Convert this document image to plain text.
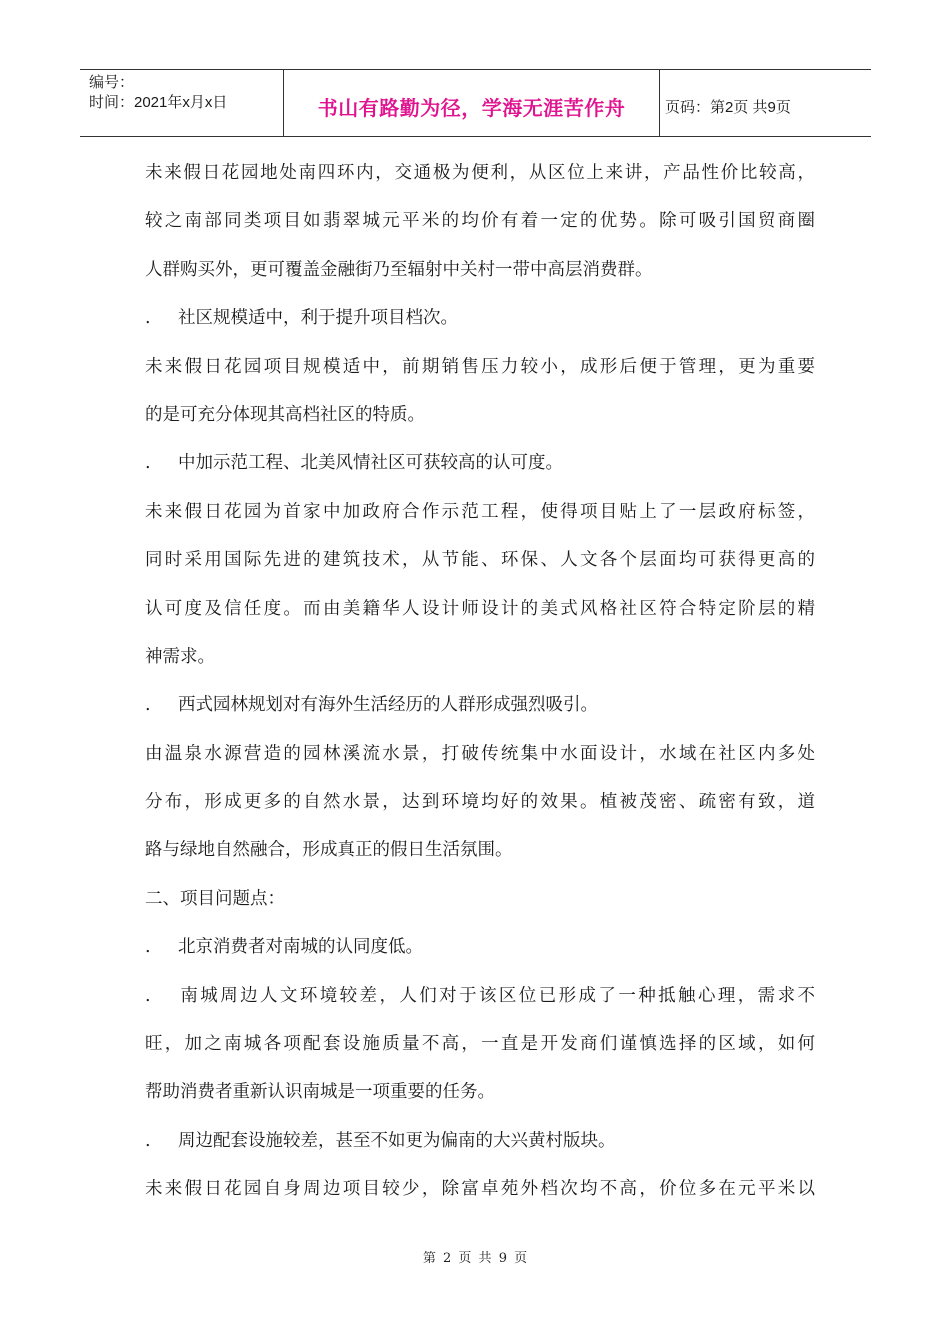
编号：
时间：2021年x月x日	书山有路勤为径，学海无涯苦作舟	页码：第2页 共9页
未来假日花园地处南四环内，交通极为便利，从区位上来讲，产品性价比较高，
较之南部同类项目如翡翠城元平米的均价有着一定的优势。除可吸引国贸商圈
人群购买外，更可覆盖金融街乃至辐射中关村一带中高层消费群。
. 社区规模适中，利于提升项目档次。
未来假日花园项目规模适中，前期销售压力较小，成形后便于管理，更为重要
的是可充分体现其高档社区的特质。
. 中加示范工程、北美风情社区可获较高的认可度。
未来假日花园为首家中加政府合作示范工程，使得项目贴上了一层政府标签，
同时采用国际先进的建筑技术，从节能、环保、人文各个层面均可获得更高的
认可度及信任度。而由美籍华人设计师设计的美式风格社区符合特定阶层的精
神需求。
. 西式园林规划对有海外生活经历的人群形成强烈吸引。
由温泉水源营造的园林溪流水景，打破传统集中水面设计，水域在社区内多处
分布，形成更多的自然水景，达到环境均好的效果。植被茂密、疏密有致，道
路与绿地自然融合，形成真正的假日生活氛围。
二、项目问题点：
. 北京消费者对南城的认同度低。
. 南城周边人文环境较差，人们对于该区位已形成了一种抵触心理，需求不
旺，加之南城各项配套设施质量不高，一直是开发商们谨慎选择的区域，如何
帮助消费者重新认识南城是一项重要的任务。
. 周边配套设施较差，甚至不如更为偏南的大兴黄村版块。
未来假日花园自身周边项目较少，除富卓苑外档次均不高，价位多在元平米以
第 2 页 共 9 页
